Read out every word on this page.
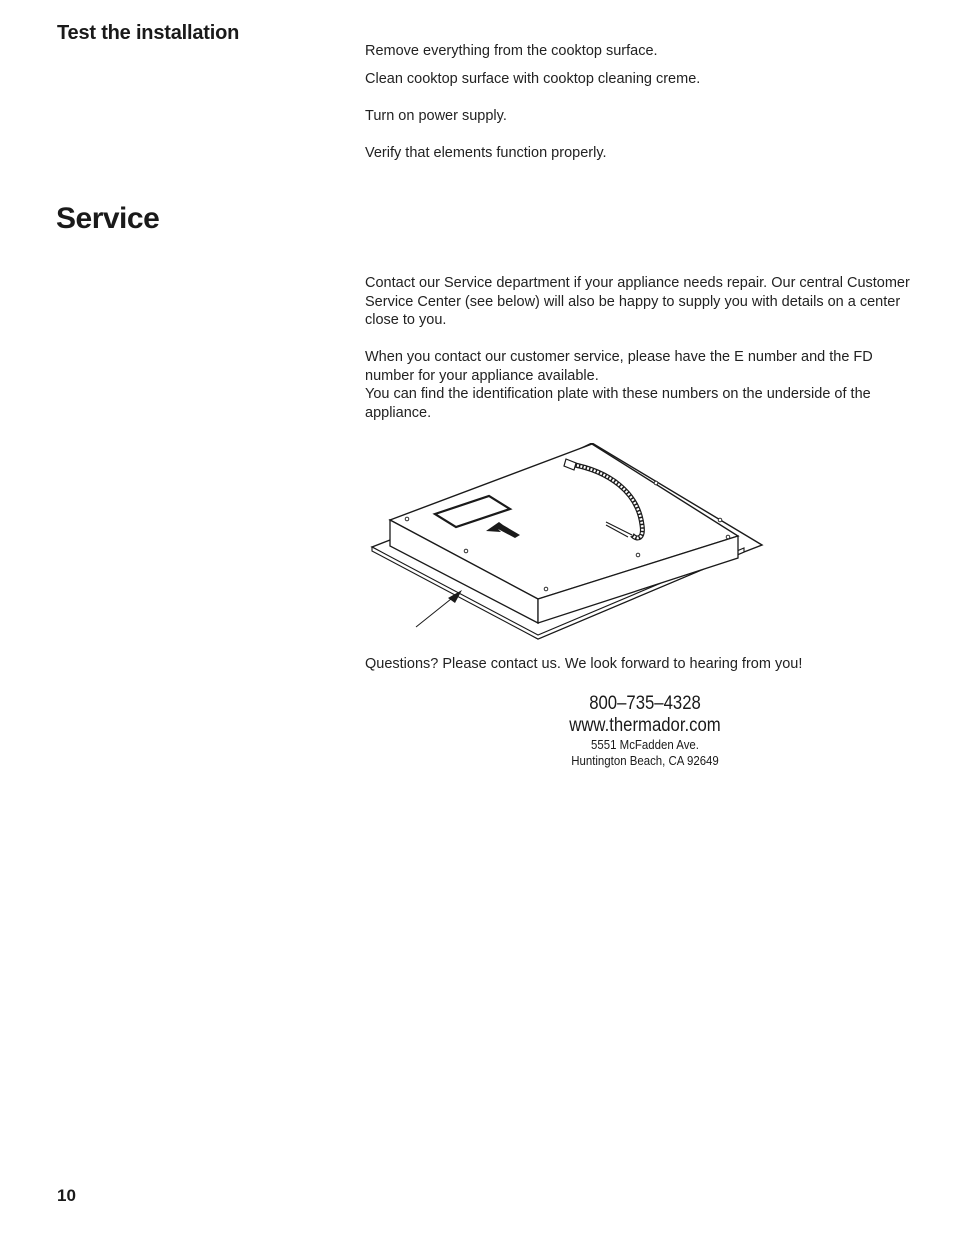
Test the installation

Remove everything from the cooktop surface.

Clean cooktop surface with cooktop cleaning creme.

Turn on power supply.

Verify that elements function properly.

Service

Contact our Service department if your appliance needs repair. Our central Customer Service Center (see below) will also be happy to supply you with details on a center close to you.

When you contact our customer service, please have the E number and the FD number for your appliance available.

You can find the identification plate with these numbers on the underside of the appliance.

Questions? Please contact us. We look forward to hearing from you!

800–735–4328
www.thermador.com
5551 McFadden Ave.
Huntington Beach, CA 92649
10
